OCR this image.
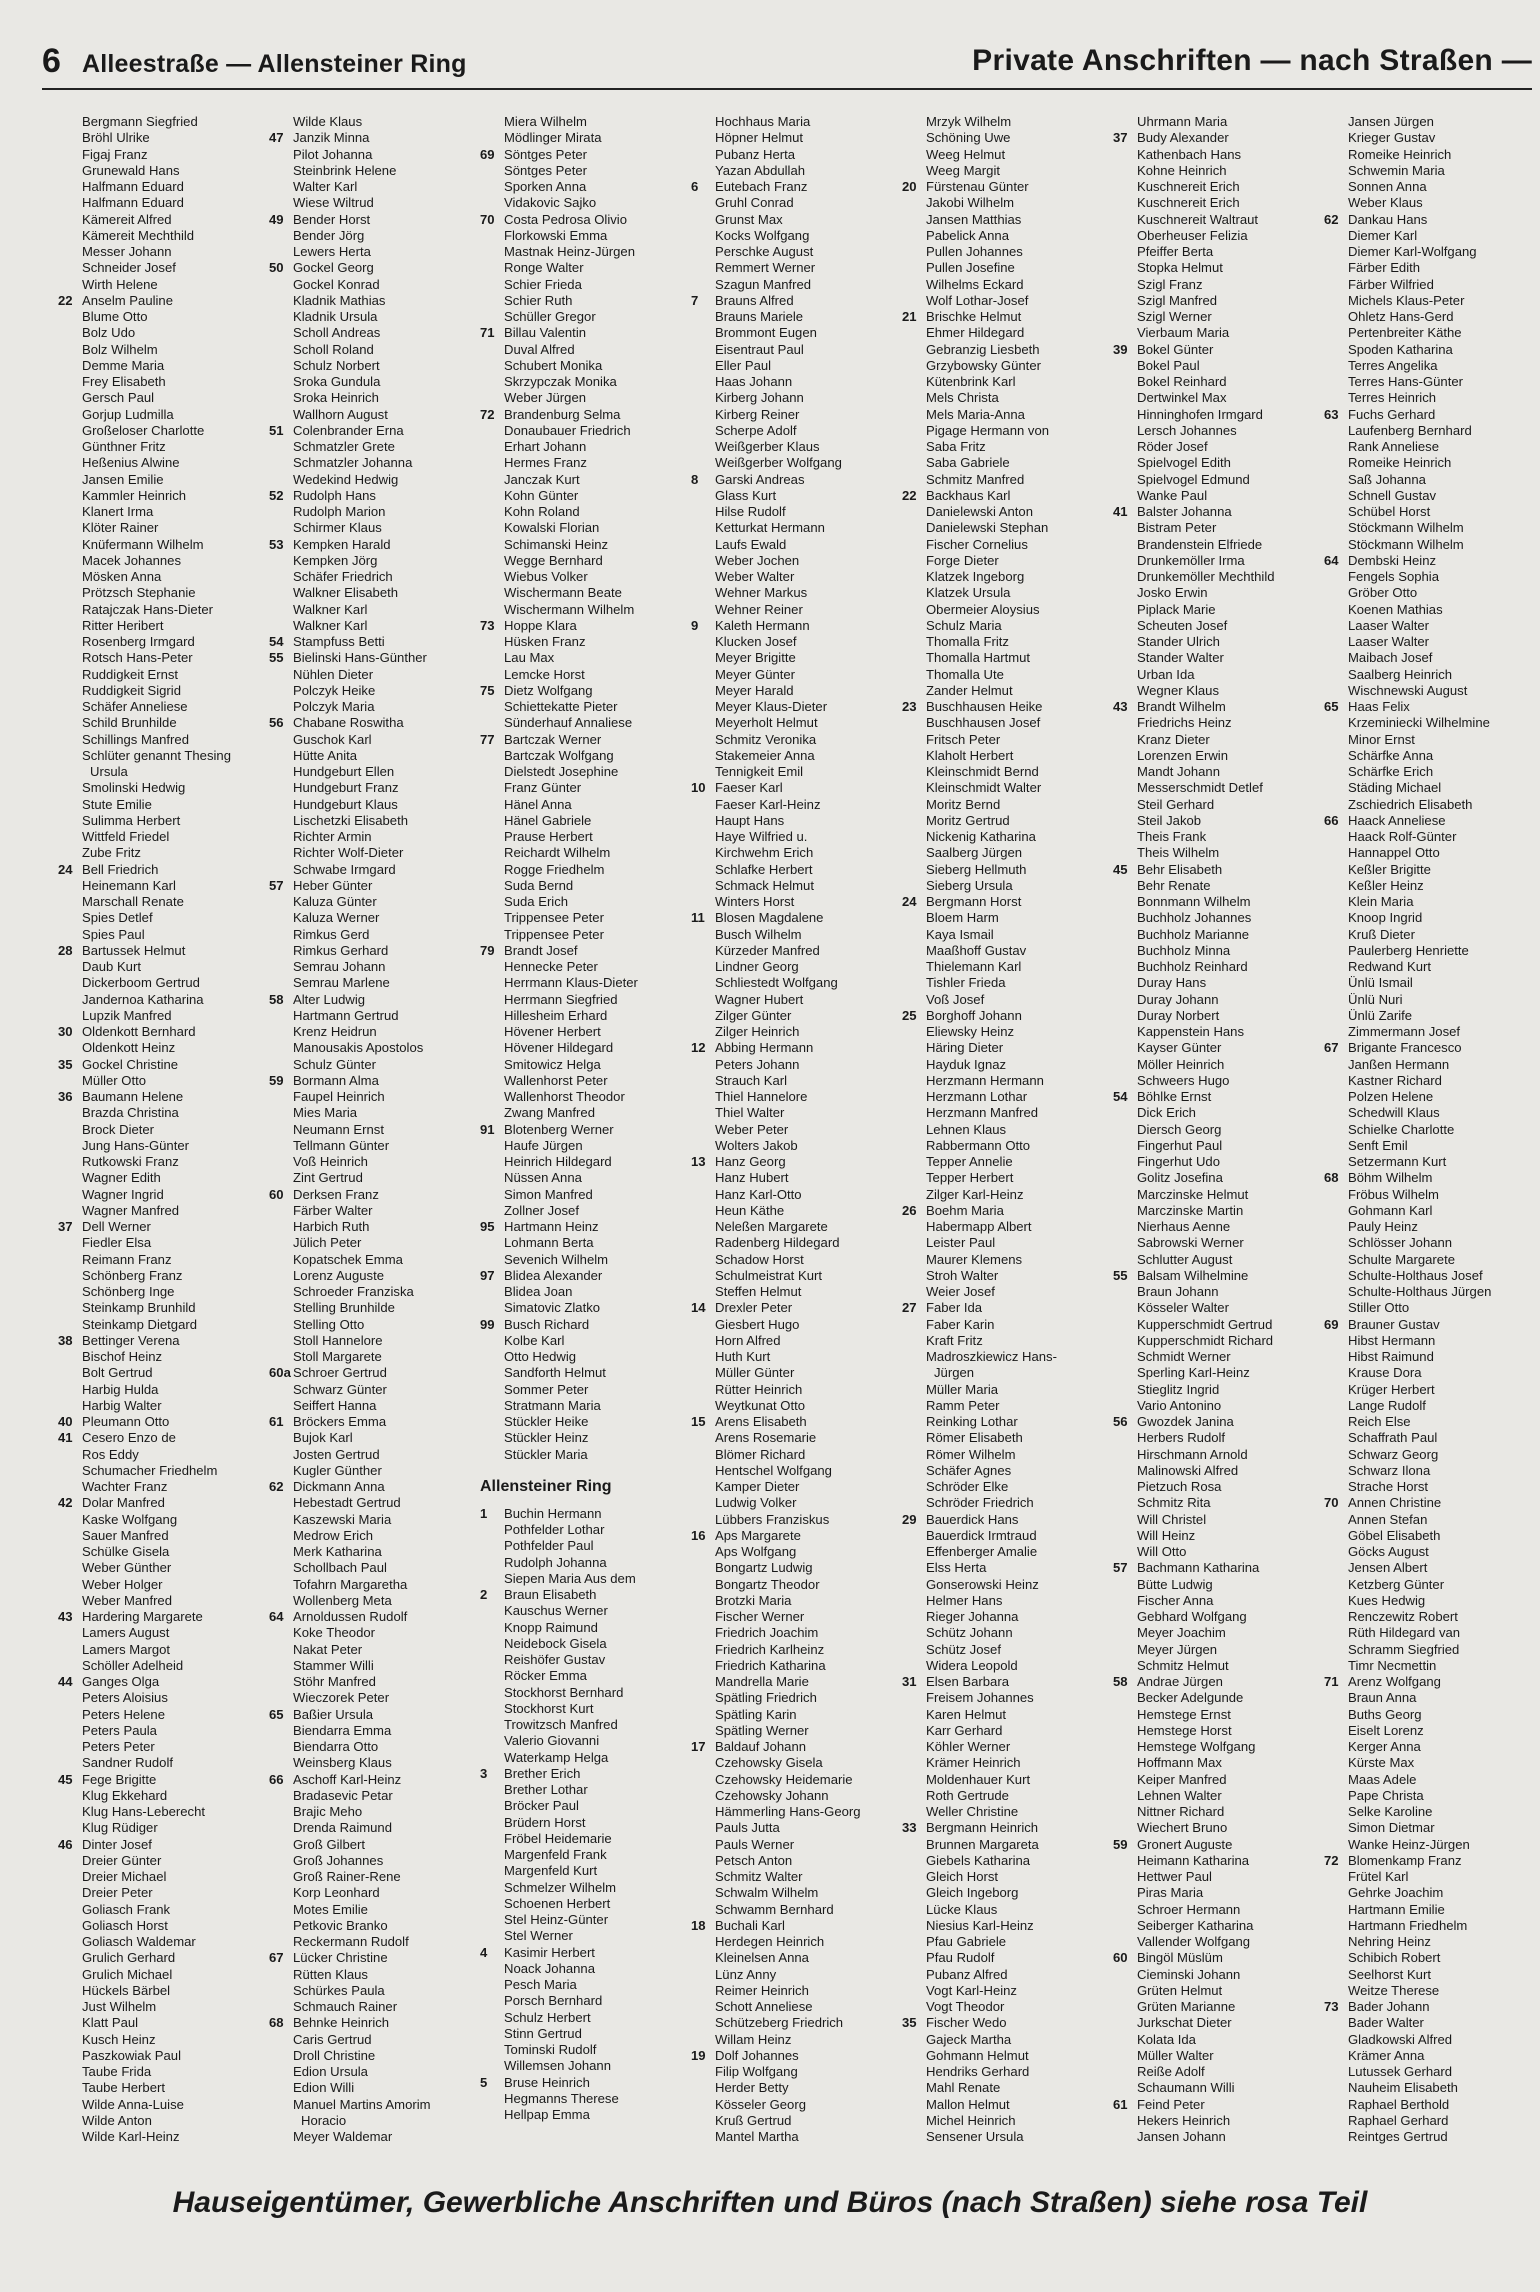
6 Alleestraße — Allensteiner Ring	Private Anschriften — nach Straßen —
Bergmann Siegfried
Bröhl Ulrike
Figaj Franz
Grunewald Hans
Halfmann Eduard
Halfmann Eduard
Kämereit Alfred
Kämereit Mechthild
Messer Johann
Schneider Josef
Wirth Helene
22 Anselm Pauline
Blume Otto
Bolz Udo
Bolz Wilhelm
Demme Maria
Frey Elisabeth
Gersch Paul
Gorjup Ludmilla
Großeloser Charlotte
Günthner Fritz
Heßenius Alwine
Jansen Emilie
Kammler Heinrich
Klanert Irma
Klöter Rainer
Knüfermann Wilhelm
Macek Johannes
Mösken Anna
Prötzsch Stephanie
Ratajczak Hans-Dieter
Ritter Heribert
Rosenberg Irmgard
Rotsch Hans-Peter
Ruddigkeit Ernst
Ruddigkeit Sigrid
Schäfer Anneliese
Schild Brunhilde
Schillings Manfred
Schlüter genannt Thesing
Ursula
Smolinski Hedwig
Stute Emilie
Sulimma Herbert
Wittfeld Friedel
Zube Fritz
24 Bell Friedrich
Heinemann Karl
Marschall Renate
Spies Detlef
Spies Paul
28 Bartussek Helmut
Daub Kurt
Dickerboom Gertrud
Jandernoa Katharina
Lupzik Manfred
30 Oldenkott Bernhard
Oldenkott Heinz
35 Gockel Christine
Müller Otto
36 Baumann Helene
Brazda Christina
Brock Dieter
Jung Hans-Günter
Rutkowski Franz
Wagner Edith
Wagner Ingrid
Wagner Manfred
37 Dell Werner
Fiedler Elsa
Reimann Franz
Schönberg Franz
Schönberg Inge
Steinkamp Brunhild
Steinkamp Dietgard
38 Bettinger Verena
Bischof Heinz
Bolt Gertrud
Harbig Hulda
Harbig Walter
40 Pleumann Otto
41 Cesero Enzo de
Ros Eddy
Schumacher Friedhelm
Wachter Franz
42 Dolar Manfred
Kaske Wolfgang
Sauer Manfred
Schülke Gisela
Weber Günther
Weber Holger
Weber Manfred
43 Hardering Margarete
Lamers August
Lamers Margot
Schöller Adelheid
44 Ganges Olga
Peters Aloisius
Peters Helene
Peters Paula
Peters Peter
Sandner Rudolf
45 Fege Brigitte
Klug Ekkehard
Klug Hans-Leberecht
Klug Rüdiger
46 Dinter Josef
Dreier Günter
Dreier Michael
Dreier Peter
Goliasch Frank
Goliasch Horst
Goliasch Waldemar
Grulich Gerhard
Grulich Michael
Hückels Bärbel
Just Wilhelm
Klatt Paul
Kusch Heinz
Paszkowiak Paul
Taube Frida
Taube Herbert
Wilde Anna-Luise
Wilde Anton
Wilde Karl-Heinz
Wilde Klaus
47 Janzik Minna
Pilot Johanna
Steinbrink Helene
Walter Karl
Wiese Wiltrud
49 Bender Horst
Bender Jörg
Lewers Herta
50 Gockel Georg
Gockel Konrad
Kladnik Mathias
Kladnik Ursula
Scholl Andreas
Scholl Roland
Schulz Norbert
Sroka Gundula
Sroka Heinrich
Wallhorn August
51 Colenbrander Erna
Schmatzler Grete
Schmatzler Johanna
Wedekind Hedwig
52 Rudolph Hans
Rudolph Marion
Schirmer Klaus
53 Kempken Harald
Kempken Jörg
Schäfer Friedrich
Walkner Elisabeth
Walkner Karl
Walkner Karl
54 Stampfuss Betti
55 Bielinski Hans-Günther
Nühlen Dieter
Polczyk Heike
Polczyk Maria
56 Chabane Roswitha
Guschok Karl
Hütte Anita
Hundgeburt Ellen
Hundgeburt Franz
Hundgeburt Klaus
Lischetzki Elisabeth
Richter Armin
Richter Wolf-Dieter
Schwabe Irmgard
57 Heber Günter
Kaluza Günter
Kaluza Werner
Rimkus Gerd
Rimkus Gerhard
Semrau Johann
Semrau Marlene
58 Alter Ludwig
Hartmann Gertrud
Krenz Heidrun
Manousakis Apostolos
Schulz Günter
59 Bormann Alma
Faupel Heinrich
Mies Maria
Neumann Ernst
Tellmann Günter
Voß Heinrich
Zint Gertrud
60 Derksen Franz
Färber Walter
Harbich Ruth
Jülich Peter
Kopatschek Emma
Lorenz Auguste
Schroeder Franziska
Stelling Brunhilde
Stelling Otto
Stoll Hannelore
Stoll Margarete
60a Schroer Gertrud
Schwarz Günter
Seiffert Hanna
61 Bröckers Emma
Bujok Karl
Josten Gertrud
Kugler Günther
62 Dickmann Anna
Hebestadt Gertrud
Kaszewski Maria
Medrow Erich
Merk Katharina
Schollbach Paul
Tofahrn Margaretha
Wollenberg Meta
64 Arnoldussen Rudolf
Koke Theodor
Nakat Peter
Stammer Willi
Stöhr Manfred
Wieczorek Peter
65 Baßier Ursula
Biendarra Emma
Biendarra Otto
Weinsberg Klaus
66 Aschoff Karl-Heinz
Bradasevic Petar
Brajic Meho
Drenda Raimund
Groß Gilbert
Groß Johannes
Groß Rainer-Rene
Korp Leonhard
Motes Emilie
Petkovic Branko
Reckermann Rudolf
67 Lücker Christine
Rütten Klaus
Schürkes Paula
Schmauch Rainer
68 Behnke Heinrich
Caris Gertrud
Droll Christine
Edion Ursula
Edion Willi
Manuel Martins Amorim
Horacio
Meyer Waldemar
Miera Wilhelm
Mödlinger Mirata
69 Söntges Peter
Söntges Peter
Sporken Anna
Vidakovic Sajko
70 Costa Pedrosa Olivio
Florkowski Emma
Mastnak Heinz-Jürgen
Ronge Walter
Schier Frieda
Schier Ruth
Schüller Gregor
71 Billau Valentin
Duval Alfred
Schubert Monika
Skrzypczak Monika
Weber Jürgen
72 Brandenburg Selma
Donaubauer Friedrich
Erhart Johann
Hermes Franz
Janczak Kurt
Kohn Günter
Kohn Roland
Kowalski Florian
Schimanski Heinz
Wegge Bernhard
Wiebus Volker
Wischermann Beate
Wischermann Wilhelm
73 Hoppe Klara
Hüsken Franz
Lau Max
Lemcke Horst
75 Dietz Wolfgang
Schiettekatte Pieter
Sünderhauf Annaliese
77 Bartczak Werner
Bartczak Wolfgang
Dielstedt Josephine
Franz Günter
Hänel Anna
Hänel Gabriele
Prause Herbert
Reichardt Wilhelm
Rogge Friedhelm
Suda Bernd
Suda Erich
Trippensee Peter
Trippensee Peter
79 Brandt Josef
Hennecke Peter
Herrmann Klaus-Dieter
Herrmann Siegfried
Hillesheim Erhard
Hövener Herbert
Hövener Hildegard
Smitowicz Helga
Wallenhorst Peter
Wallenhorst Theodor
Zwang Manfred
91 Blotenberg Werner
Haufe Jürgen
Heinrich Hildegard
Nüssen Anna
Simon Manfred
Zollner Josef
95 Hartmann Heinz
Lohmann Berta
Sevenich Wilhelm
97 Blidea Alexander
Blidea Joan
Simatovic Zlatko
99 Busch Richard
Kolbe Karl
Otto Hedwig
Sandforth Helmut
Sommer Peter
Stratmann Maria
Stückler Heike
Stückler Heinz
Stückler Maria
Allensteiner Ring
1 Buchin Hermann
Pothfelder Lothar
Pothfelder Paul
Rudolph Johanna
Siepen Maria Aus dem
2 Braun Elisabeth
Kauschus Werner
Knopp Raimund
Neidebock Gisela
Reishöfer Gustav
Röcker Emma
Stockhorst Bernhard
Stockhorst Kurt
Trowitzsch Manfred
Valerio Giovanni
Waterkamp Helga
3 Brether Erich
Brether Lothar
Bröcker Paul
Brüdern Horst
Fröbel Heidemarie
Margenfeld Frank
Margenfeld Kurt
Schmelzer Wilhelm
Schoenen Herbert
Stel Heinz-Günter
Stel Werner
4 Kasimir Herbert
Noack Johanna
Pesch Maria
Porsch Bernhard
Schulz Herbert
Stinn Gertrud
Tominski Rudolf
Willemsen Johann
5 Bruse Heinrich
Hegmanns Therese
Hellpap Emma
Hochhaus Maria
Höpner Helmut
Pubanz Herta
Yazan Abdullah
6 Eutebach Franz
Gruhl Conrad
Grunst Max
Kocks Wolfgang
Perschke August
Remmert Werner
Szagun Manfred
7 Brauns Alfred
Brauns Mariele
Brommont Eugen
Eisentraut Paul
Eller Paul
Haas Johann
Kirberg Johann
Kirberg Reiner
Scherpe Adolf
Weißgerber Klaus
Weißgerber Wolfgang
8 Garski Andreas
Glass Kurt
Hilse Rudolf
Ketturkat Hermann
Laufs Ewald
Weber Jochen
Weber Walter
Wehner Markus
Wehner Reiner
9 Kaleth Hermann
Klucken Josef
Meyer Brigitte
Meyer Günter
Meyer Harald
Meyer Klaus-Dieter
Meyerholt Helmut
Schmitz Veronika
Stakemeier Anna
Tennigkeit Emil
10 Faeser Karl
Faeser Karl-Heinz
Haupt Hans
Haye Wilfried u.
Kirchwehm Erich
Schlafke Herbert
Schmack Helmut
Winters Horst
11 Blosen Magdalene
Busch Wilhelm
Kürzeder Manfred
Lindner Georg
Schliestedt Wolfgang
Wagner Hubert
Zilger Günter
Zilger Heinrich
12 Abbing Hermann
Peters Johann
Strauch Karl
Thiel Hannelore
Thiel Walter
Weber Peter
Wolters Jakob
13 Hanz Georg
Hanz Hubert
Hanz Karl-Otto
Heun Käthe
Neleßen Margarete
Radenberg Hildegard
Schadow Horst
Schulmeistrat Kurt
Steffen Helmut
14 Drexler Peter
Giesbert Hugo
Horn Alfred
Huth Kurt
Müller Günter
Rütter Heinrich
Weytkunat Otto
15 Arens Elisabeth
Arens Rosemarie
Blömer Richard
Hentschel Wolfgang
Kamper Dieter
Ludwig Volker
Lübbers Franziskus
16 Aps Margarete
Aps Wolfgang
Bongartz Ludwig
Bongartz Theodor
Brotzki Maria
Fischer Werner
Friedrich Joachim
Friedrich Karlheinz
Friedrich Katharina
Mandrella Marie
Spätling Friedrich
Spätling Karin
Spätling Werner
17 Baldauf Johann
Czehowsky Gisela
Czehowsky Heidemarie
Czehowsky Johann
Hämmerling Hans-Georg
Pauls Jutta
Pauls Werner
Petsch Anton
Schmitz Walter
Schwalm Wilhelm
Schwamm Bernhard
18 Buchali Karl
Herdegen Heinrich
Kleinelsen Anna
Lünz Anny
Reimer Heinrich
Schott Anneliese
Schützeberg Friedrich
Willam Heinz
19 Dolf Johannes
Filip Wolfgang
Herder Betty
Kösseler Georg
Kruß Gertrud
Mantel Martha
Mrzyk Wilhelm
Schöning Uwe
Weeg Helmut
Weeg Margit
20 Fürstenau Günter
Jakobi Wilhelm
Jansen Matthias
Pabelick Anna
Pullen Johannes
Pullen Josefine
Wilhelms Eckard
Wolf Lothar-Josef
21 Brischke Helmut
Ehmer Hildegard
Gebranzig Liesbeth
Grzybowsky Günter
Kütenbrink Karl
Mels Christa
Mels Maria-Anna
Pigage Hermann von
Saba Fritz
Saba Gabriele
Schmitz Manfred
22 Backhaus Karl
Danielewski Anton
Danielewski Stephan
Fischer Cornelius
Forge Dieter
Klatzek Ingeborg
Klatzek Ursula
Obermeier Aloysius
Schulz Maria
Thomalla Fritz
Thomalla Hartmut
Thomalla Ute
Zander Helmut
23 Buschhausen Heike
Buschhausen Josef
Fritsch Peter
Klaholt Herbert
Kleinschmidt Bernd
Kleinschmidt Walter
Moritz Bernd
Moritz Gertrud
Nickenig Katharina
Saalberg Jürgen
Sieberg Hellmuth
Sieberg Ursula
24 Bergmann Horst
Bloem Harm
Kaya Ismail
Maaßhoff Gustav
Thielemann Karl
Tishler Frieda
Voß Josef
25 Borghoff Johann
Eliewsky Heinz
Häring Dieter
Hayduk Ignaz
Herzmann Hermann
Herzmann Lothar
Herzmann Manfred
Lehnen Klaus
Rabbermann Otto
Tepper Annelie
Tepper Herbert
Zilger Karl-Heinz
26 Boehm Maria
Habermapp Albert
Leister Paul
Maurer Klemens
Stroh Walter
Weier Josef
27 Faber Ida
Faber Karin
Kraft Fritz
Madroszkiewicz Hans-
Jürgen
Müller Maria
Ramm Peter
Reinking Lothar
Römer Elisabeth
Römer Wilhelm
Schäfer Agnes
Schröder Elke
Schröder Friedrich
29 Bauerdick Hans
Bauerdick Irmtraud
Effenberger Amalie
Elss Herta
Gonserowski Heinz
Helmer Hans
Rieger Johanna
Schütz Johann
Schütz Josef
Widera Leopold
31 Elsen Barbara
Freisem Johannes
Karen Helmut
Karr Gerhard
Köhler Werner
Krämer Heinrich
Moldenhauer Kurt
Roth Gertrude
Weller Christine
33 Bergmann Heinrich
Brunnen Margareta
Giebels Katharina
Gleich Horst
Gleich Ingeborg
Lücke Klaus
Niesius Karl-Heinz
Pfau Gabriele
Pfau Rudolf
Pubanz Alfred
Vogt Karl-Heinz
Vogt Theodor
35 Fischer Wedo
Gajeck Martha
Gohmann Helmut
Hendriks Gerhard
Mahl Renate
Mallon Helmut
Michel Heinrich
Sensener Ursula
Uhrmann Maria
37 Budy Alexander
Kathenbach Hans
Kohne Heinrich
Kuschnereit Erich
Kuschnereit Erich
Kuschnereit Waltraut
Oberheuser Felizia
Pfeiffer Berta
Stopka Helmut
Szigl Franz
Szigl Manfred
Szigl Werner
Vierbaum Maria
39 Bokel Günter
Bokel Paul
Bokel Reinhard
Dertwinkel Max
Hinninghofen Irmgard
Lersch Johannes
Röder Josef
Spielvogel Edith
Spielvogel Edmund
Wanke Paul
41 Balster Johanna
Bistram Peter
Brandenstein Elfriede
Drunkemöller Irma
Drunkemöller Mechthild
Josko Erwin
Piplack Marie
Scheuten Josef
Stander Ulrich
Stander Walter
Urban Ida
Wegner Klaus
43 Brandt Wilhelm
Friedrichs Heinz
Kranz Dieter
Lorenzen Erwin
Mandt Johann
Messerschmidt Detlef
Steil Gerhard
Steil Jakob
Theis Frank
Theis Wilhelm
45 Behr Elisabeth
Behr Renate
Bonnmann Wilhelm
Buchholz Johannes
Buchholz Marianne
Buchholz Minna
Buchholz Reinhard
Duray Hans
Duray Johann
Duray Norbert
Kappenstein Hans
Kayser Günter
Möller Heinrich
Schweers Hugo
54 Böhlke Ernst
Dick Erich
Diersch Georg
Fingerhut Paul
Fingerhut Udo
Golitz Josefina
Marczinske Helmut
Marczinske Martin
Nierhaus Aenne
Sabrowski Werner
Schlutter August
55 Balsam Wilhelmine
Braun Johann
Kösseler Walter
Kupperschmidt Gertrud
Kupperschmidt Richard
Schmidt Werner
Sperling Karl-Heinz
Stieglitz Ingrid
Vario Antonino
56 Gwozdek Janina
Herbers Rudolf
Hirschmann Arnold
Malinowski Alfred
Pietzuch Rosa
Schmitz Rita
Will Christel
Will Heinz
Will Otto
57 Bachmann Katharina
Bütte Ludwig
Fischer Anna
Gebhard Wolfgang
Meyer Joachim
Meyer Jürgen
Schmitz Helmut
58 Andrae Jürgen
Becker Adelgunde
Hemstege Ernst
Hemstege Horst
Hemstege Wolfgang
Hoffmann Max
Keiper Manfred
Lehnen Walter
Nittner Richard
Wiechert Bruno
59 Gronert Auguste
Heimann Katharina
Hettwer Paul
Piras Maria
Schroer Hermann
Seiberger Katharina
Vallender Wolfgang
60 Bingöl Müslüm
Cieminski Johann
Grüten Helmut
Grüten Marianne
Jurkschat Dieter
Kolata Ida
Müller Walter
Reiße Adolf
Schaumann Willi
61 Feind Peter
Hekers Heinrich
Jansen Johann
Jansen Jürgen
Krieger Gustav
Romeike Heinrich
Schwemin Maria
Sonnen Anna
Weber Klaus
62 Dankau Hans
Diemer Karl
Diemer Karl-Wolfgang
Färber Edith
Färber Wilfried
Michels Klaus-Peter
Ohletz Hans-Gerd
Pertenbreiter Käthe
Spoden Katharina
Terres Angelika
Terres Hans-Günter
Terres Heinrich
63 Fuchs Gerhard
Laufenberg Bernhard
Rank Anneliese
Romeike Heinrich
Saß Johanna
Schnell Gustav
Schübel Horst
Stöckmann Wilhelm
Stöckmann Wilhelm
64 Dembski Heinz
Fengels Sophia
Gröber Otto
Koenen Mathias
Laaser Walter
Laaser Walter
Maibach Josef
Saalberg Heinrich
Wischnewski August
65 Haas Felix
Krzeminiecki Wilhelmine
Minor Ernst
Schärfke Anna
Schärfke Erich
Städing Michael
Zschiedrich Elisabeth
66 Haack Anneliese
Haack Rolf-Günter
Hannappel Otto
Keßler Brigitte
Keßler Heinz
Klein Maria
Knoop Ingrid
Kruß Dieter
Paulerberg Henriette
Redwand Kurt
Ünlü Ismail
Ünlü Nuri
Ünlü Zarife
Zimmermann Josef
67 Brigante Francesco
Janßen Hermann
Kastner Richard
Polzen Helene
Schedwill Klaus
Schielke Charlotte
Senft Emil
Setzermann Kurt
68 Böhm Wilhelm
Fröbus Wilhelm
Gohmann Karl
Pauly Heinz
Schlösser Johann
Schulte Margarete
Schulte-Holthaus Josef
Schulte-Holthaus Jürgen
Stiller Otto
69 Brauner Gustav
Hibst Hermann
Hibst Raimund
Krause Dora
Krüger Herbert
Lange Rudolf
Reich Else
Schaffrath Paul
Schwarz Georg
Schwarz Ilona
Strache Horst
70 Annen Christine
Annen Stefan
Göbel Elisabeth
Göcks August
Jensen Albert
Ketzberg Günter
Kues Hedwig
Renczewitz Robert
Rüth Hildegard van
Schramm Siegfried
Timr Necmettin
71 Arenz Wolfgang
Braun Anna
Buths Georg
Eiselt Lorenz
Kerger Anna
Kürste Max
Maas Adele
Pape Christa
Selke Karoline
Simon Dietmar
Wanke Heinz-Jürgen
72 Blomenkamp Franz
Frütel Karl
Gehrke Joachim
Hartmann Emilie
Hartmann Friedhelm
Nehring Heinz
Schibich Robert
Seelhorst Kurt
Weitze Therese
73 Bader Johann
Bader Walter
Gladkowski Alfred
Krämer Anna
Lutussek Gerhard
Nauheim Elisabeth
Raphael Berthold
Raphael Gerhard
Reintges Gertrud
Hauseigentümer, Gewerbliche Anschriften und Büros (nach Straßen) siehe rosa Teil
